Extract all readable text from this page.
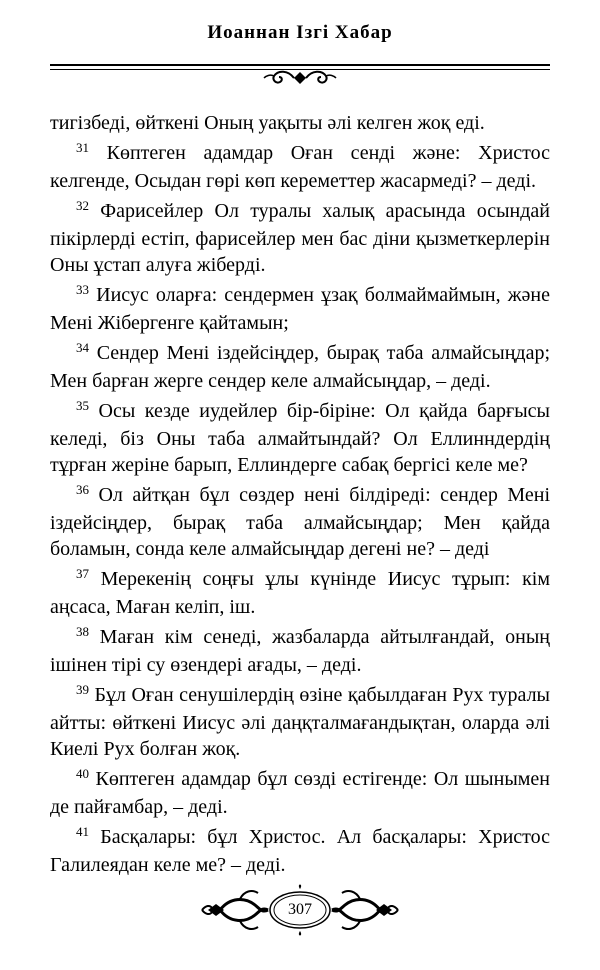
Иоаннан Ізгі Хабар

тигізбеді, өйткені Оның уақыты әлі келген жоқ еді.

$^{31}$ Көптеген адамдар Оған сенді және: Христос келгенде, Осыдан гөрі көп кереметтер жасармеді? – деді.

$^{32}$ Фарисейлер Ол туралы халық арасында осындай пікірлерді естіп, фарисейлер мен бас діни қызметкерлерін Оны ұстап алуға жіберді.

$^{33}$ Иисус оларға: сендермен ұзақ болмаймаймын, және Мені Жібергенге қайтамын;

$^{34}$ Сендер Мені іздейсіңдер, бырақ таба алмайсыңдар; Мен барған жерге сендер келе алмайсыңдар, – деді.

$^{35}$ Осы кезде иудейлер бір-біріне: Ол қайда барғысы келеді, біз Оны таба алмайтындай? Ол Еллинндердің тұрған жеріне барып, Еллиндерге сабақ бергісі келе ме?

$^{36}$ Ол айтқан бұл сөздер нені білдіреді: сендер Мені іздейсіңдер, бырақ таба алмайсыңдар; Мен қайда боламын, сонда келе алмайсыңдар дегені не? – деді

$^{37}$ Мерекенің соңғы ұлы күнінде Иисус тұрып: кім аңсаса, Маған келіп, іш.

$^{38}$ Маған кім сенеді, жазбаларда айтылғандай, оның ішінен тірі су өзендері ағады, – деді.

$^{39}$ Бұл Оған сенушілердің өзіне қабылдаған Рух туралы айтты: өйткені Иисус әлі даңқталмағандықтан, оларда әлі Киелі Рух болған жоқ.

$^{40}$ Көптеген адамдар бұл сөзді естігенде: Ол шынымен де пайғамбар, – деді.

$^{41}$ Басқалары: бұл Христос. Ал басқалары: Христос Галилеядан келе ме? – деді.

307
